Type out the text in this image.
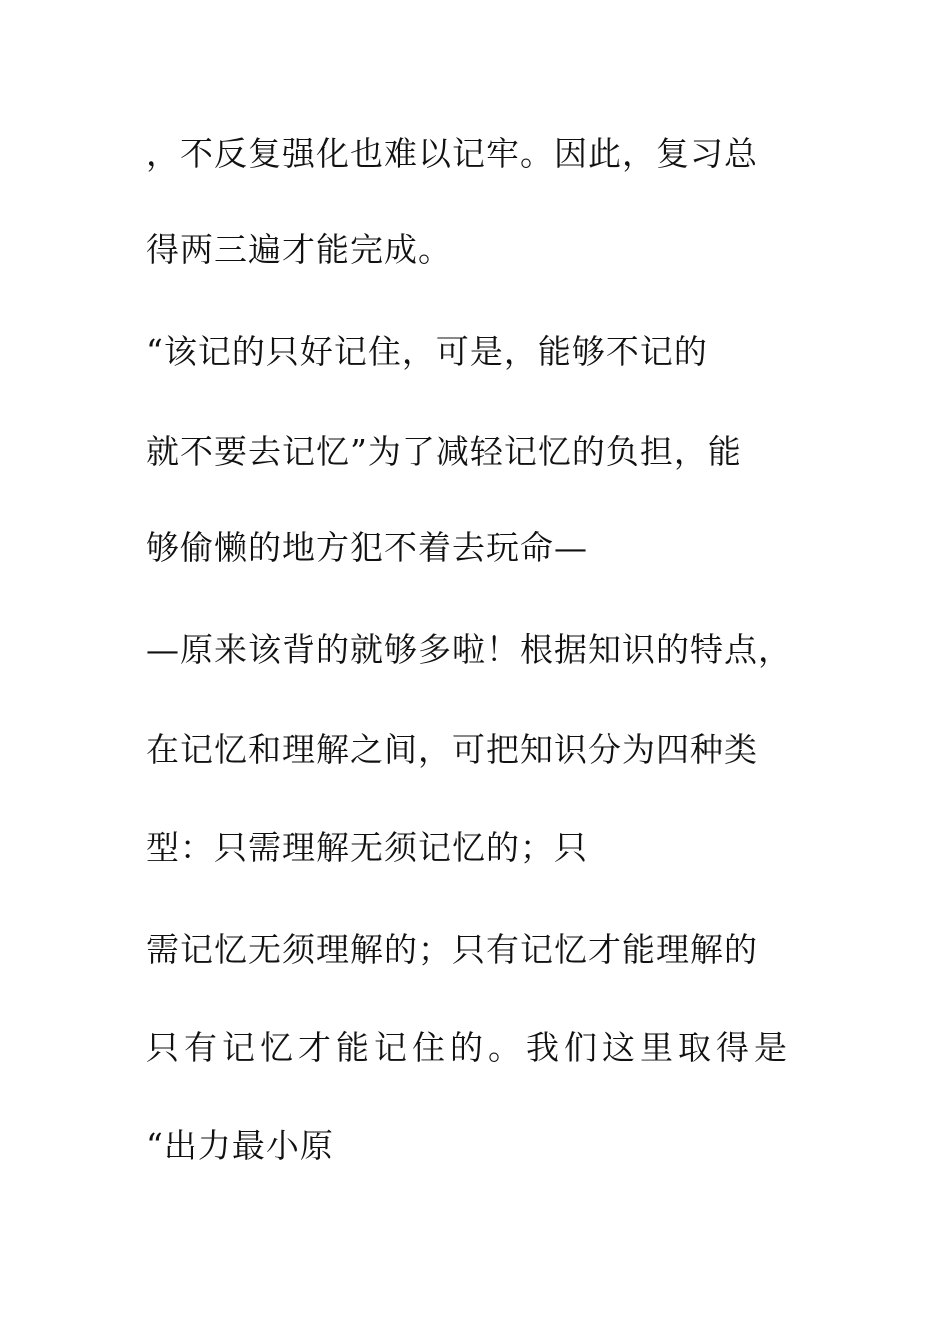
，不反复强化也难以记牢。因此，复习总
得两三遍才能完成。
“该记的只好记住，可是，能够不记的
就不要去记忆”为了减轻记忆的负担，能
够偷懒的地方犯不着去玩命—
—原来该背的就够多啦！根据知识的特点，
在记忆和理解之间，可把知识分为四种类
型：只需理解无须记忆的；只
需记忆无须理解的；只有记忆才能理解的
只有记忆才能记住的。我们这里取得是
“出力最小原
